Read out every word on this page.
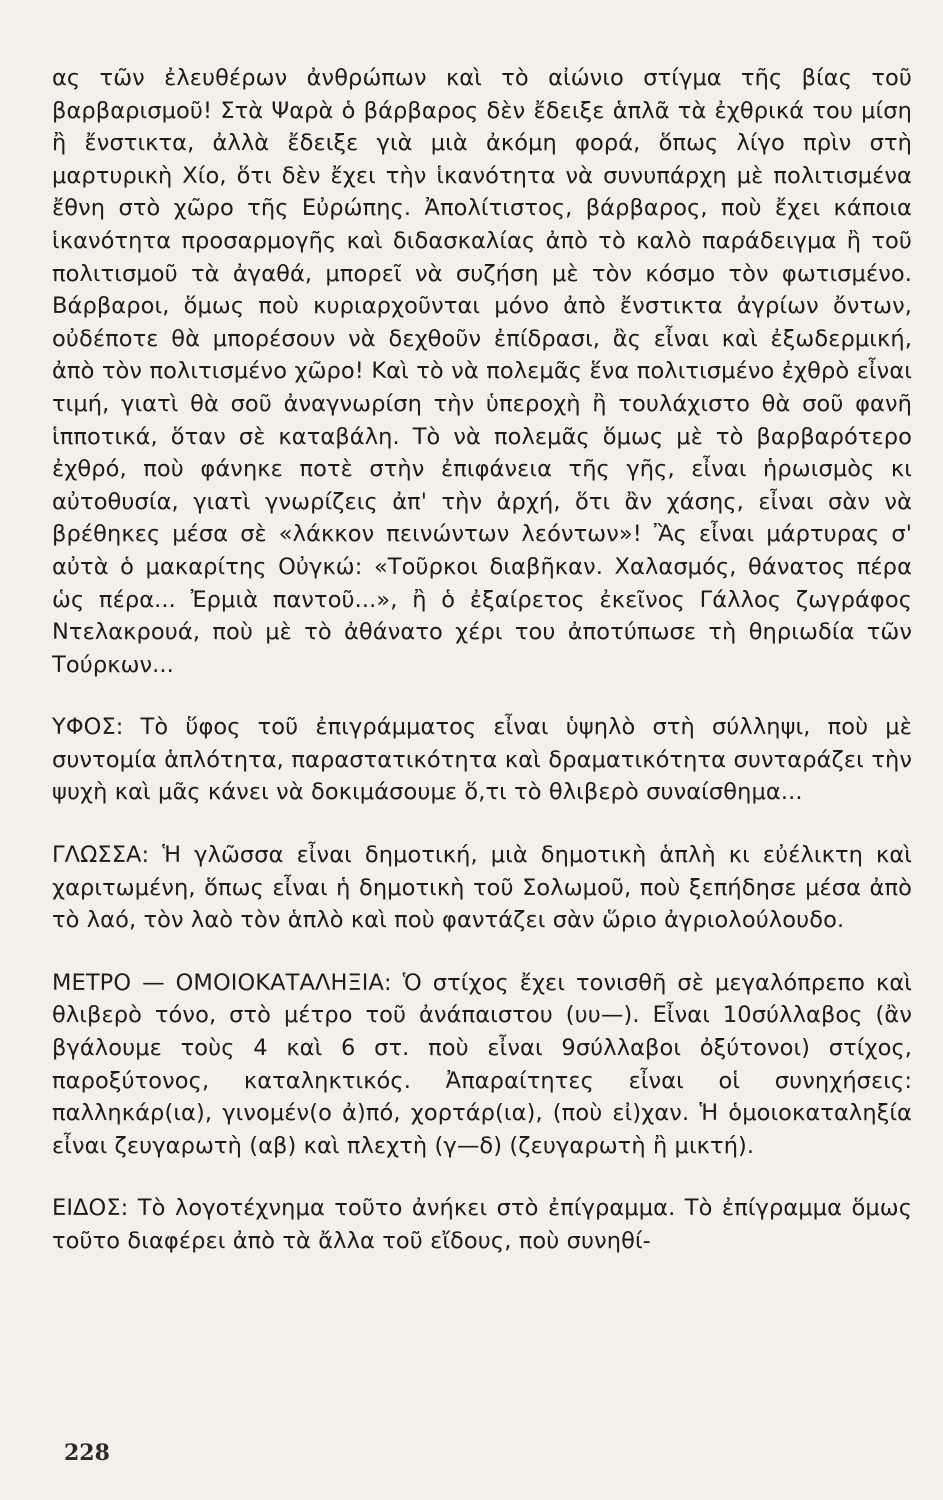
ας τῶν ἐλευθέρων ἀνθρώπων καὶ τὸ αἰώνιο στίγμα τῆς βίας τοῦ βαρβαρισμοῦ! Στὰ Ψαρὰ ὁ βάρβαρος δὲν ἔδειξε ἁπλᾶ τὰ ἐχθρικά του μίση ἢ ἔνστικτα, ἀλλὰ ἔδειξε γιὰ μιὰ ἀκόμη φορά, ὅπως λίγο πρὶν στὴ μαρτυρικὴ Χίο, ὅτι δὲν ἔχει τὴν ἱκανότητα νὰ συνυπάρχη μὲ πολιτισμένα ἔθνη στὸ χῶρο τῆς Εὐρώπης. Ἀπολίτιστος, βάρβαρος, ποὺ ἔχει κάποια ἱκανότητα προσαρμογῆς καὶ διδασκαλίας ἀπὸ τὸ καλὸ παράδειγμα ἢ τοῦ πολιτισμοῦ τὰ ἀγαθά, μπορεῖ νὰ συζήση μὲ τὸν κόσμο τὸν φωτισμένο. Βάρβαροι, ὅμως ποὺ κυριαρχοῦνται μόνο ἀπὸ ἔνστικτα ἀγρίων ὄντων, οὐδέποτε θὰ μπορέσουν νὰ δεχθοῦν ἐπίδρασι, ἂς εἶναι καὶ ἐξωδερμική, ἀπὸ τὸν πολιτισμένο χῶρο! Καὶ τὸ νὰ πολεμᾶς ἕνα πολιτισμένο ἐχθρὸ εἶναι τιμή, γιατὶ θὰ σοῦ ἀναγνωρίση τὴν ὑπεροχὴ ἢ τουλάχιστο θὰ σοῦ φανῆ ἱπποτικά, ὅταν σὲ καταβάλη. Τὸ νὰ πολεμᾶς ὅμως μὲ τὸ βαρβαρότερο ἐχθρό, ποὺ φάνηκε ποτὲ στὴν ἐπιφάνεια τῆς γῆς, εἶναι ἡρωισμὸς κι αὐτοθυσία, γιατὶ γνωρίζεις ἀπ' τὴν ἀρχή, ὅτι ἂν χάσης, εἶναι σὰν νὰ βρέθηκες μέσα σὲ «λάκκον πεινώντων λεόντων»! Ἂς εἶναι μάρτυρας σ' αὐτὰ ὁ μακαρίτης Οὐγκώ: «Τοῦρκοι διαβῆκαν. Χαλασμός, θάνατος πέρα ὡς πέρα... Ἐρμιὰ παντοῦ...», ἢ ὁ ἐξαίρετος ἐκεῖνος Γάλλος ζωγράφος Ντελακρουά, ποὺ μὲ τὸ ἀθάνατο χέρι του ἀποτύπωσε τὴ θηριωδία τῶν Τούρκων...

ΥΦΟΣ: Τὸ ὕφος τοῦ ἐπιγράμματος εἶναι ὑψηλὸ στὴ σύλληψι, ποὺ μὲ συντομία ἁπλότητα, παραστατικότητα καὶ δραματικότητα συνταράζει τὴν ψυχὴ καὶ μᾶς κάνει νὰ δοκιμάσουμε ὅ,τι τὸ θλιβερὸ συναίσθημα...

ΓΛΩΣΣΑ: Ἡ γλῶσσα εἶναι δημοτική, μιὰ δημοτικὴ ἁπλὴ κι εὐέλικτη καὶ χαριτωμένη, ὅπως εἶναι ἡ δημοτικὴ τοῦ Σολωμοῦ, ποὺ ξεπήδησε μέσα ἀπὸ τὸ λαό, τὸν λαὸ τὸν ἁπλὸ καὶ ποὺ φαντάζει σὰν ὥριο ἀγριολούλουδο.

ΜΕΤΡΟ — ΟΜΟΙΟΚΑΤΑΛΗΞΙΑ: Ὁ στίχος ἔχει τονισθῆ σὲ μεγαλόπρεπο καὶ θλιβερὸ τόνο, στὸ μέτρο τοῦ ἀνάπαιστου (υυ—). Εἶναι 10σύλλαβος (ἂν βγάλουμε τοὺς 4 καὶ 6 στ. ποὺ εἶναι 9σύλλαβοι ὀξύτονοι) στίχος, παροξύτονος, καταληκτικός. Ἀπαραίτητες εἶναι οἱ συνηχήσεις: παλληκάρ(ια), γινομέν(ο ἀ)πό, χορτάρ(ια), (ποὺ εἰ)χαν. Ἡ ὁμοιοκαταληξία εἶναι ζευγαρωτὴ (αβ) καὶ πλεχτὴ (γ—δ) (ζευγαρωτὴ ἢ μικτή).

ΕΙΔΟΣ: Τὸ λογοτέχνημα τοῦτο ἀνήκει στὸ ἐπίγραμμα. Τὸ ἐπίγραμμα ὅμως τοῦτο διαφέρει ἀπὸ τὰ ἄλλα τοῦ εἴδους, ποὺ συνηθί-

228
